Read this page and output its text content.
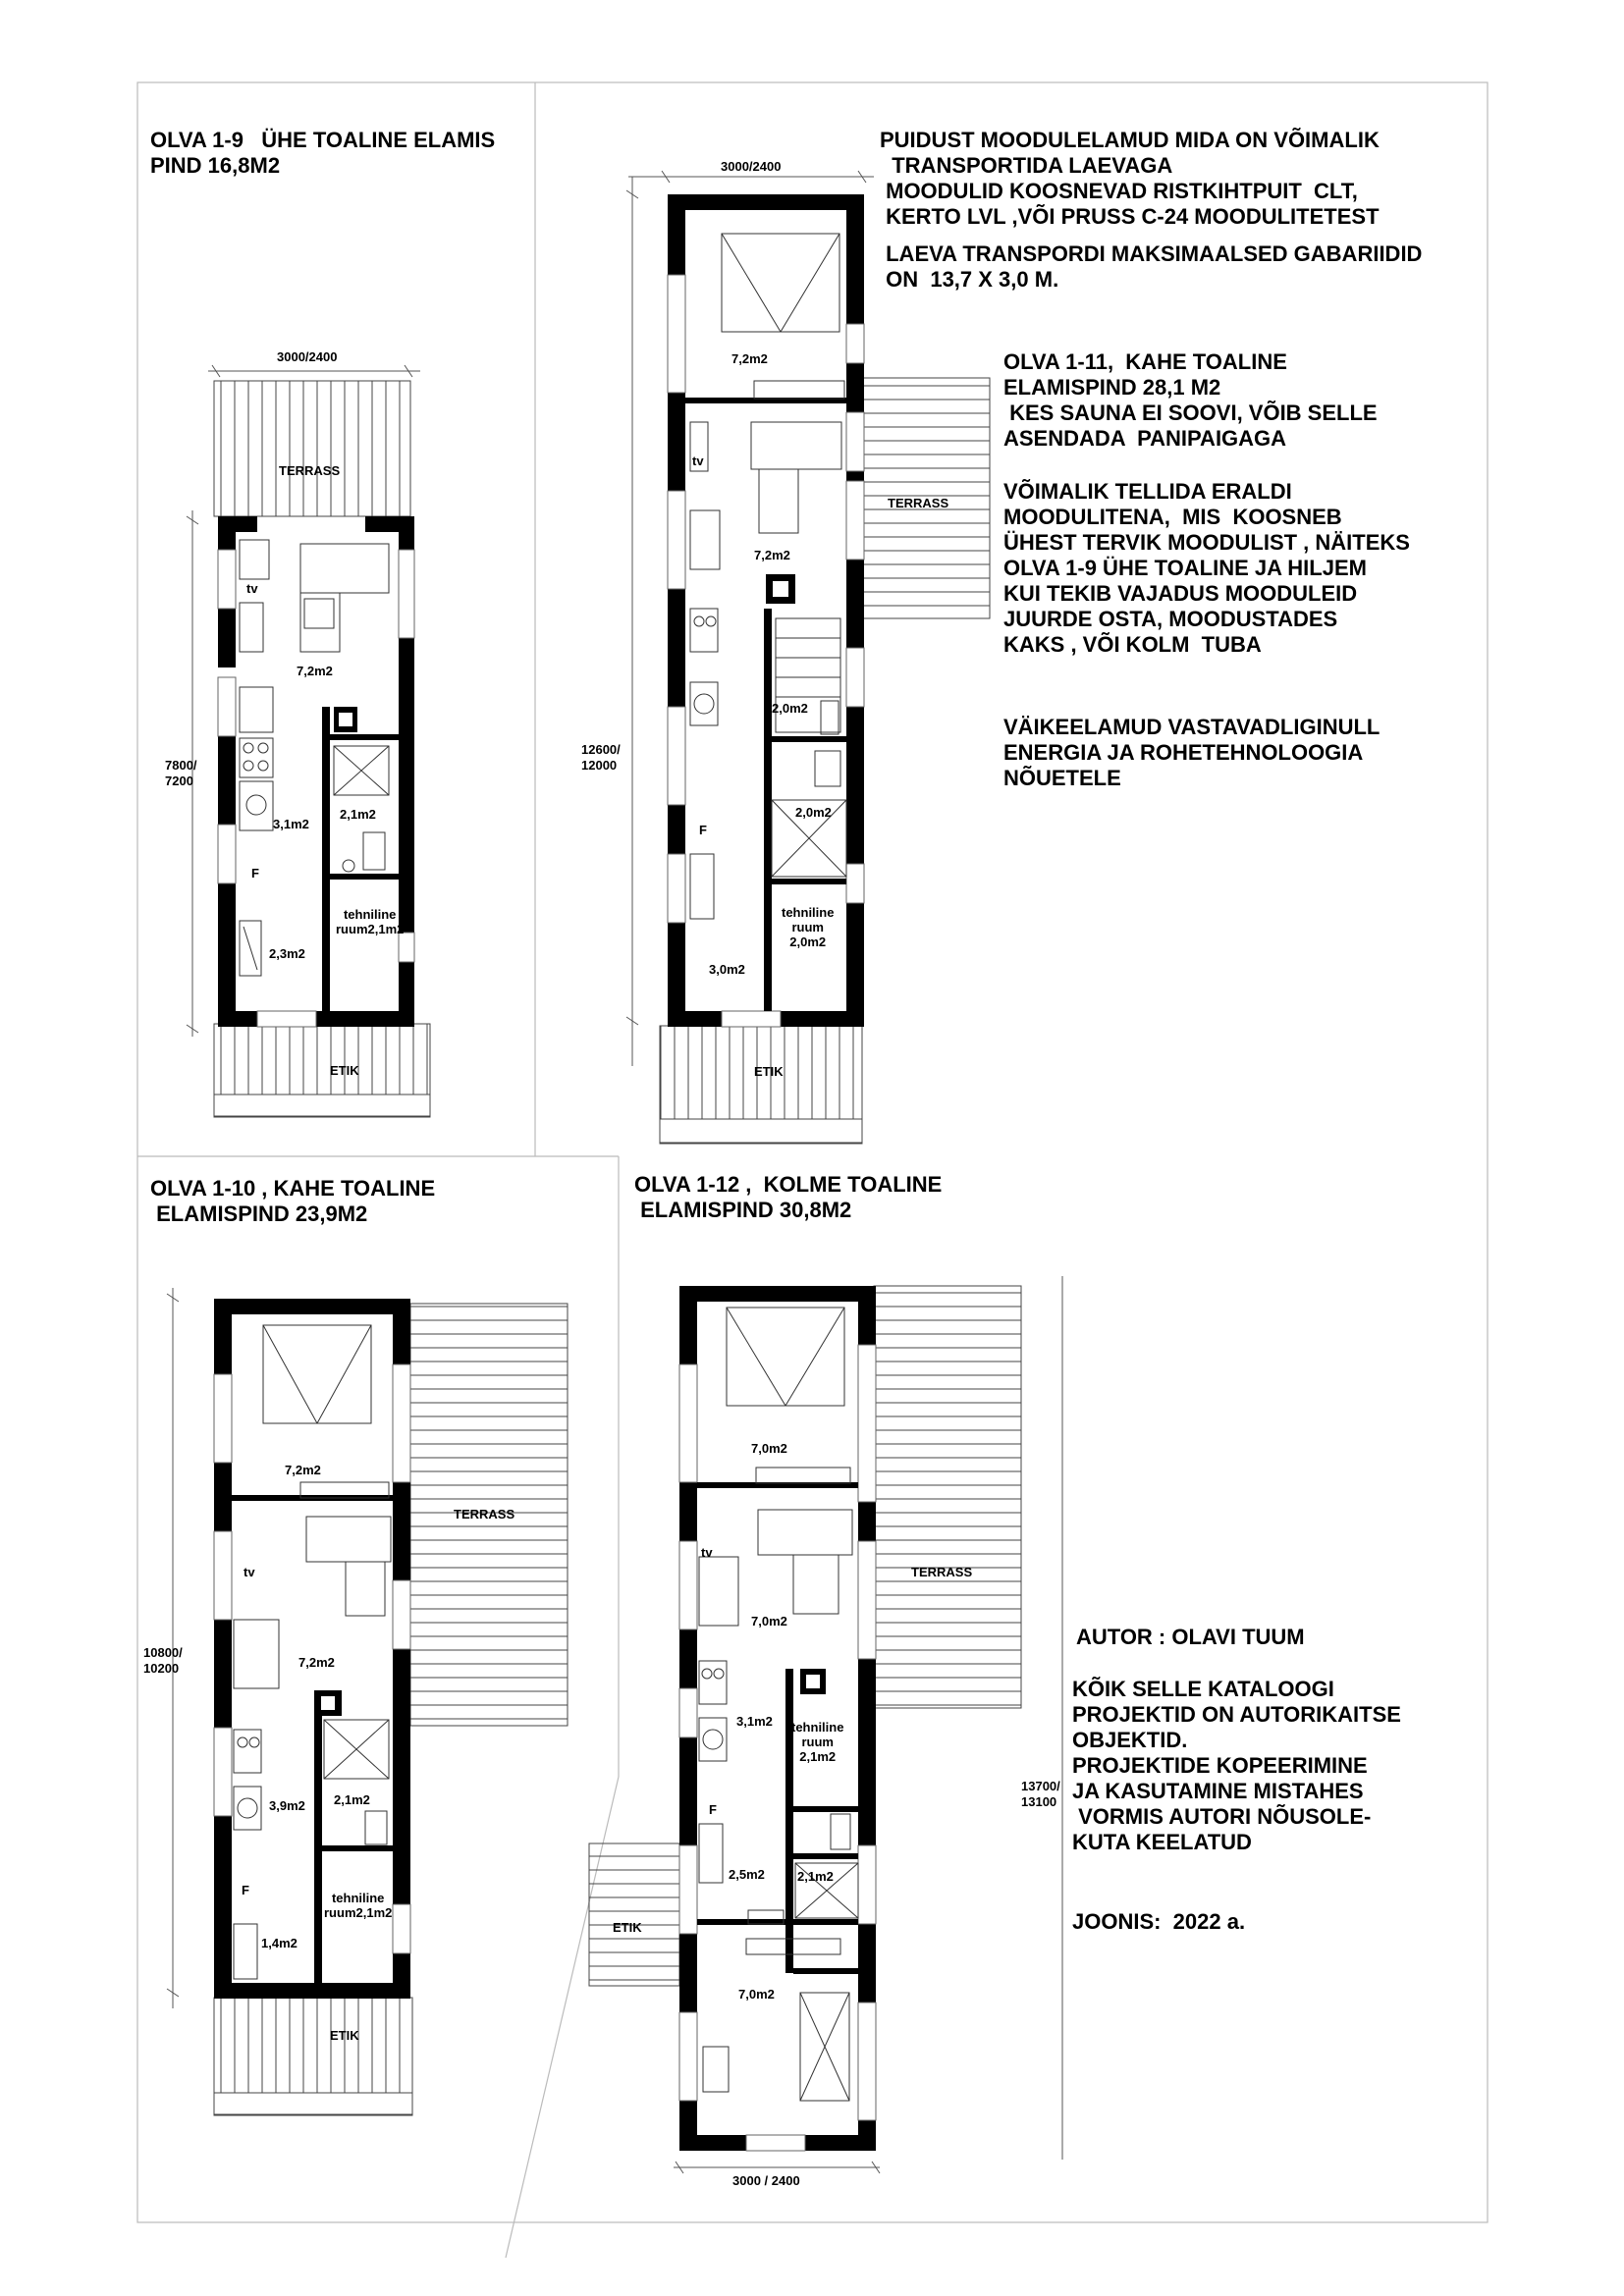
OLVA 1-9   ÜHE TOALINE ELAMIS
PIND 16,8M2
3000/2400
7800/
7200
TERRASS
ETIK
tv
F
7,2m2
3,1m2
2,1m2
tehniline
ruum2,1m2
2,3m2
PUIDUST MOODULELAMUD MIDA ON VÕIMALIK
TRANSPORTIDA LAEVAGA
MOODULID KOOSNEVAD RISTKIHTPUIT  CLT,
KERTO LVL ,VÕI PRUSS C-24 MOODULITETEST
LAEVA TRANSPORDI MAKSIMAALSED GABARIIDID
ON  13,7 X 3,0 M.
3000/2400
12600/
12000
TERRASS
ETIK
tv
F
7,2m2
7,2m2
2,0m2
2,0m2
tehniline
ruum
2,0m2
3,0m2
OLVA 1-11,  KAHE TOALINE
ELAMISPIND 28,1 M2
KES SAUNA EI SOOVI, VÕIB SELLE
ASENDADA  PANIPAIGAGA
VÕIMALIK TELLIDA ERALDI
MOODULITENA,  MIS  KOOSNEB
ÜHEST TERVIK MOODULIST , NÄITEKS
OLVA 1-9 ÜHE TOALINE JA HILJEM
KUI TEKIB VAJADUS MOODULEID
JUURDE OSTA, MOODUSTADES
KAKS , VÕI KOLM  TUBA
VÄIKEELAMUD VASTAVADLIGINULL
ENERGIA JA ROHETEHNOLOOGIA
NÕUETELE
OLVA 1-10 , KAHE TOALINE
ELAMISPIND 23,9M2
10800/
10200
TERRASS
ETIK
tv
F
7,2m2
7,2m2
3,9m2 2,1m2
tehniline
ruum2,1m2
1,4m2
OLVA 1-12 ,  KOLME TOALINE
ELAMISPIND 30,8M2
3000 / 2400
13700/
13100
TERRASS
ETIK
tv
F
7,0m2
7,0m2
3,1m2 tehniline
ruum
2,1m2
2,5m2	2,1m2
7,0m2
AUTOR : OLAVI TUUM
KÕIK SELLE KATALOOGI
PROJEKTID ON AUTORIKAITSE
OBJEKTID.
PROJEKTIDE KOPEERIMINE
JA KASUTAMINE MISTAHES
VORMIS AUTORI NÕUSOLE-
KUTA KEELATUD
JOONIS:  2022 a.
